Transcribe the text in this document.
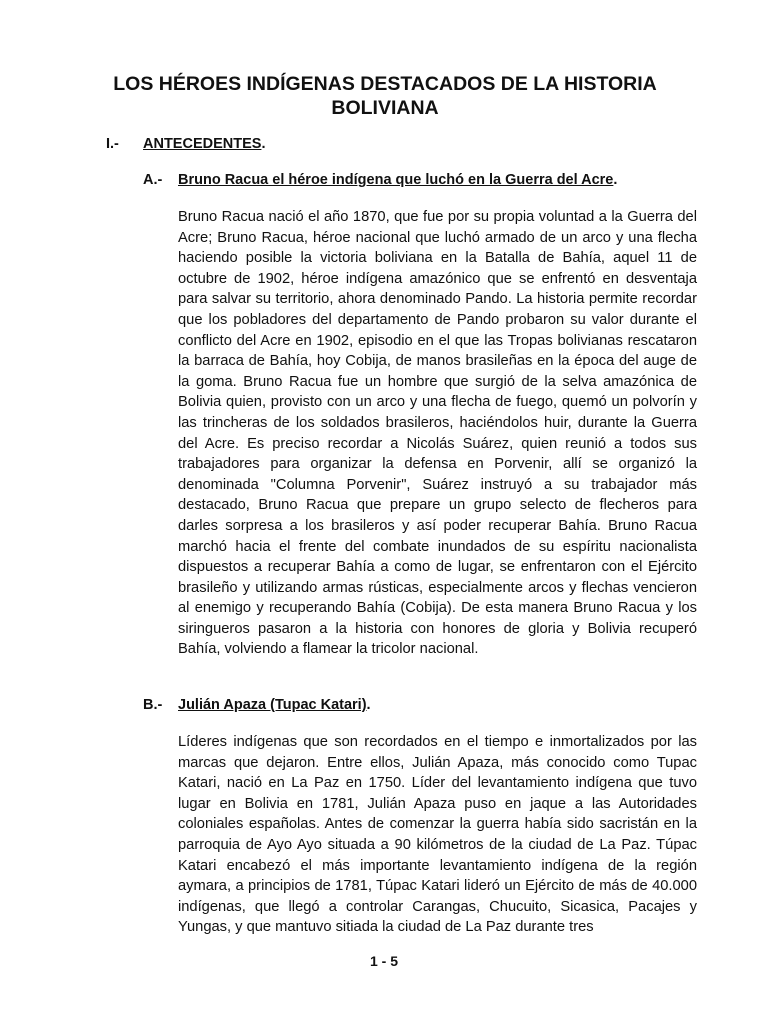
LOS HÉROES INDÍGENAS DESTACADOS DE LA HISTORIA BOLIVIANA
I.- ANTECEDENTES.
A.- Bruno Racua el héroe indígena que luchó en la Guerra del Acre.

Bruno Racua nació el año 1870, que fue por su propia voluntad a la Guerra del Acre; Bruno Racua, héroe nacional que luchó armado de un arco y una flecha haciendo posible la victoria boliviana en la Batalla de Bahía, aquel 11 de octubre de 1902, héroe indígena amazónico que se enfrentó en desventaja para salvar su territorio, ahora denominado Pando. La historia permite recordar que los pobladores del departamento de Pando probaron su valor durante el conflicto del Acre en 1902, episodio en el que las Tropas bolivianas rescataron la barraca de Bahía, hoy Cobija, de manos brasileñas en la época del auge de la goma. Bruno Racua fue un hombre que surgió de la selva amazónica de Bolivia quien, provisto con un arco y una flecha de fuego, quemó un polvorín y las trincheras de los soldados brasileros, haciéndolos huir, durante la Guerra del Acre. Es preciso recordar a Nicolás Suárez, quien reunió a todos sus trabajadores para organizar la defensa en Porvenir, allí se organizó la denominada "Columna Porvenir", Suárez instruyó a su trabajador más destacado, Bruno Racua que prepare un grupo selecto de flecheros para darles sorpresa a los brasileros y así poder recuperar Bahía. Bruno Racua marchó hacia el frente del combate inundados de su espíritu nacionalista dispuestos a recuperar Bahía a como de lugar, se enfrentaron con el Ejército brasileño y utilizando armas rústicas, especialmente arcos y flechas vencieron al enemigo y recuperando Bahía (Cobija). De esta manera Bruno Racua y los siringueros pasaron a la historia con honores de gloria y Bolivia recuperó Bahía, volviendo a flamear la tricolor nacional.

B.- Julián Apaza (Tupac Katari).

Líderes indígenas que son recordados en el tiempo e inmortalizados por las marcas que dejaron. Entre ellos, Julián Apaza, más conocido como Tupac Katari, nació en La Paz en 1750. Líder del levantamiento indígena que tuvo lugar en Bolivia en 1781, Julián Apaza puso en jaque a las Autoridades coloniales españolas. Antes de comenzar la guerra había sido sacristán en la parroquia de Ayo Ayo situada a 90 kilómetros de la ciudad de La Paz. Túpac Katari encabezó el más importante levantamiento indígena de la región aymara, a principios de 1781, Túpac Katari lideró un Ejército de más de 40.000 indígenas, que llegó a controlar Carangas, Chucuito, Sicasica, Pacajes y Yungas, y que mantuvo sitiada la ciudad de La Paz durante tres

1 - 5
